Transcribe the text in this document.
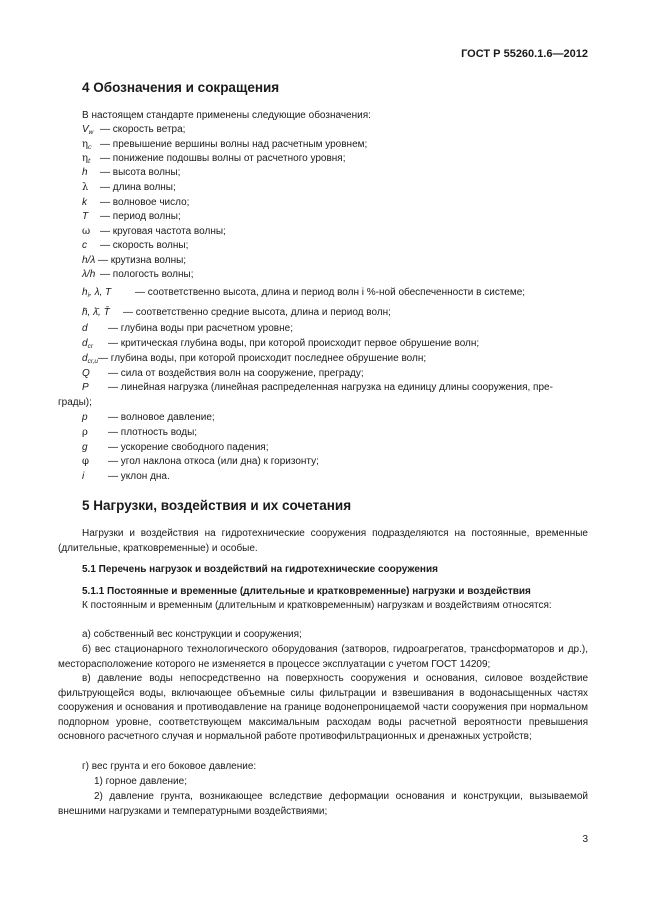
ГОСТ Р 55260.1.6—2012
4 Обозначения и сокращения
В настоящем стандарте применены следующие обозначения:
$V_w$ — скорость ветра;
$\eta_c$ — превышение вершины волны над расчетным уровнем;
$\eta_t$ — понижение подошвы волны от расчетного уровня;
h — высота волны;
λ — длина волны;
k — волновое число;
T — период волны;
ω — круговая частота волны;
c — скорость волны;
h/λ — крутизна волны;
λ/h — пологость волны;
$h_i$, λ, T — соответственно высота, длина и период волн i %-ной обеспеченности в системе;
h̄, λ̄, T̄ — соответственно средние высота, длина и период волн;
d — глубина воды при расчетном уровне;
$d_{cr}$ — критическая глубина воды, при которой происходит первое обрушение волн;
$d_{cr,u}$ — глубина воды, при которой происходит последнее обрушение волн;
Q — сила от воздействия волн на сооружение, преграду;
P — линейная нагрузка (линейная распределенная нагрузка на единицу длины сооружения, пре-
p — волновое давление;
ρ — плотность воды;
g — ускорение свободного падения;
φ — угол наклона откоса (или дна) к горизонту;
i — уклон дна.
грады);
5 Нагрузки, воздействия и их сочетания
Нагрузки и воздействия на гидротехнические сооружения подразделяются на постоянные, временные (длительные, кратковременные) и особые.
5.1 Перечень нагрузок и воздействий на гидротехнические сооружения
5.1.1 Постоянные и временные (длительные и кратковременные) нагрузки и воздействия
К постоянным и временным (длительным и кратковременным) нагрузкам и воздействиям относятся:
а) собственный вес конструкции и сооружения;
б) вес стационарного технологического оборудования (затворов, гидроагрегатов, трансформаторов и др.), месторасположение которого не изменяется в процессе эксплуатации с учетом ГОСТ 14209;
в) давление воды непосредственно на поверхность сооружения и основания, силовое воздействие фильтрующейся воды, включающее объемные силы фильтрации и взвешивания в водонасыщенных частях сооружения и основания и противодавление на границе водонепроницаемой части сооружения при нормальном подпорном уровне, соответствующем максимальным расходам воды расчетной вероятности превышения основного расчетного случая и нормальной работе противофильтрационных и дренажных устройств;
г) вес грунта и его боковое давление:
1) горное давление;
2) давление грунта, возникающее вследствие деформации основания и конструкции, вызываемой внешними нагрузками и температурными воздействиями;
3
